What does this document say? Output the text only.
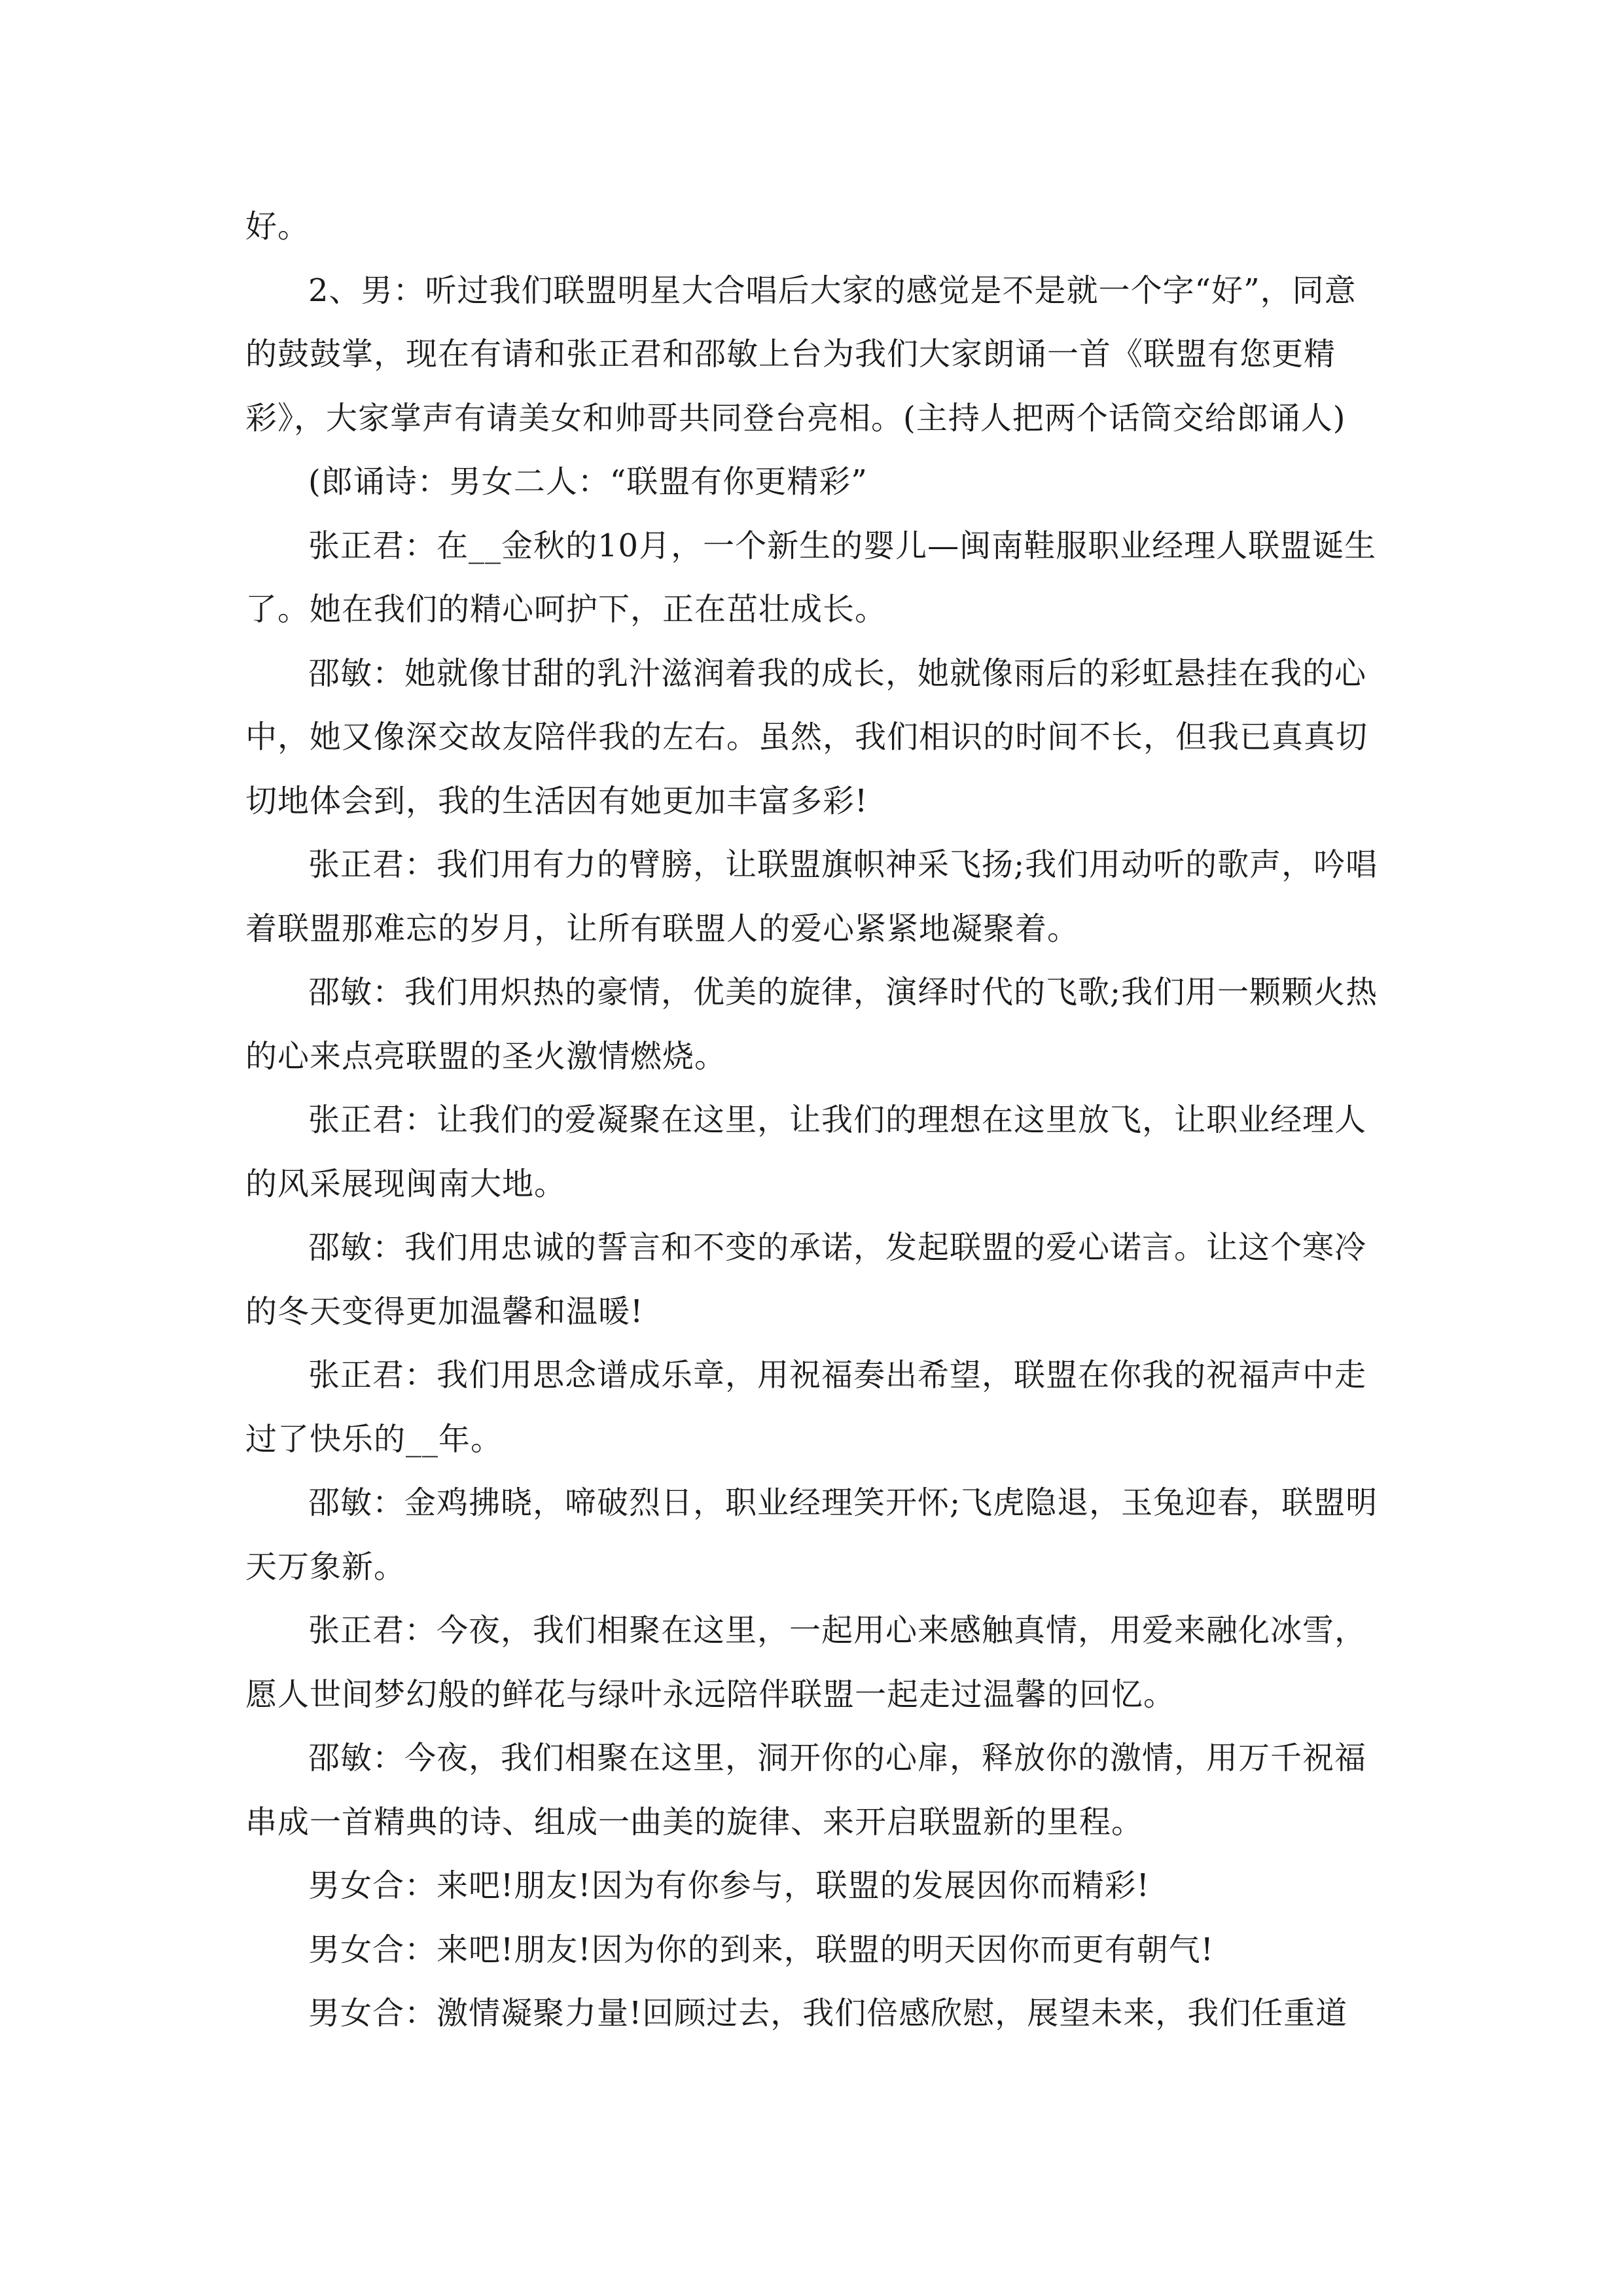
好。

2、男：听过我们联盟明星大合唱后大家的感觉是不是就一个字“好”，同意的鼓鼓掌，现在有请和张正君和邵敏上台为我们大家朗诵一首《联盟有您更精彩》，大家掌声有请美女和帅哥共同登台亮相。(主持人把两个话筒交给郎诵人)

(郎诵诗：男女二人：“联盟有你更精彩”

张正君：在__金秋的10月，一个新生的婴儿—闽南鞋服职业经理人联盟诞生了。她在我们的精心呵护下，正在茁壮成长。

邵敏：她就像甘甜的乳汁滋润着我的成长，她就像雨后的彩虹悬挂在我的心中，她又像深交故友陪伴我的左右。虽然，我们相识的时间不长，但我已真真切切地体会到，我的生活因有她更加丰富多彩!

张正君：我们用有力的臂膀，让联盟旗帜神采飞扬;我们用动听的歌声，吟唱着联盟那难忘的岁月，让所有联盟人的爱心紧紧地凝聚着。

邵敏：我们用炽热的豪情，优美的旋律，演绎时代的飞歌;我们用一颗颗火热的心来点亮联盟的圣火激情燃烧。

张正君：让我们的爱凝聚在这里，让我们的理想在这里放飞，让职业经理人的风采展现闽南大地。

邵敏：我们用忠诚的誓言和不变的承诺，发起联盟的爱心诺言。让这个寒冷的冬天变得更加温馨和温暖!

张正君：我们用思念谱成乐章，用祝福奏出希望，联盟在你我的祝福声中走过了快乐的__年。

邵敏：金鸡拂晓，啼破烈日，职业经理笑开怀;飞虎隐退，玉兔迎春，联盟明天万象新。

张正君：今夜，我们相聚在这里，一起用心来感触真情，用爱来融化冰雪，愿人世间梦幻般的鲜花与绿叶永远陪伴联盟一起走过温馨的回忆。

邵敏：今夜，我们相聚在这里，洞开你的心扉，释放你的激情，用万千祝福串成一首精典的诗、组成一曲美的旋律、来开启联盟新的里程。

男女合：来吧!朋友!因为有你参与，联盟的发展因你而精彩!

男女合：来吧!朋友!因为你的到来，联盟的明天因你而更有朝气!

男女合：激情凝聚力量!回顾过去，我们倍感欣慰，展望未来，我们任重道
